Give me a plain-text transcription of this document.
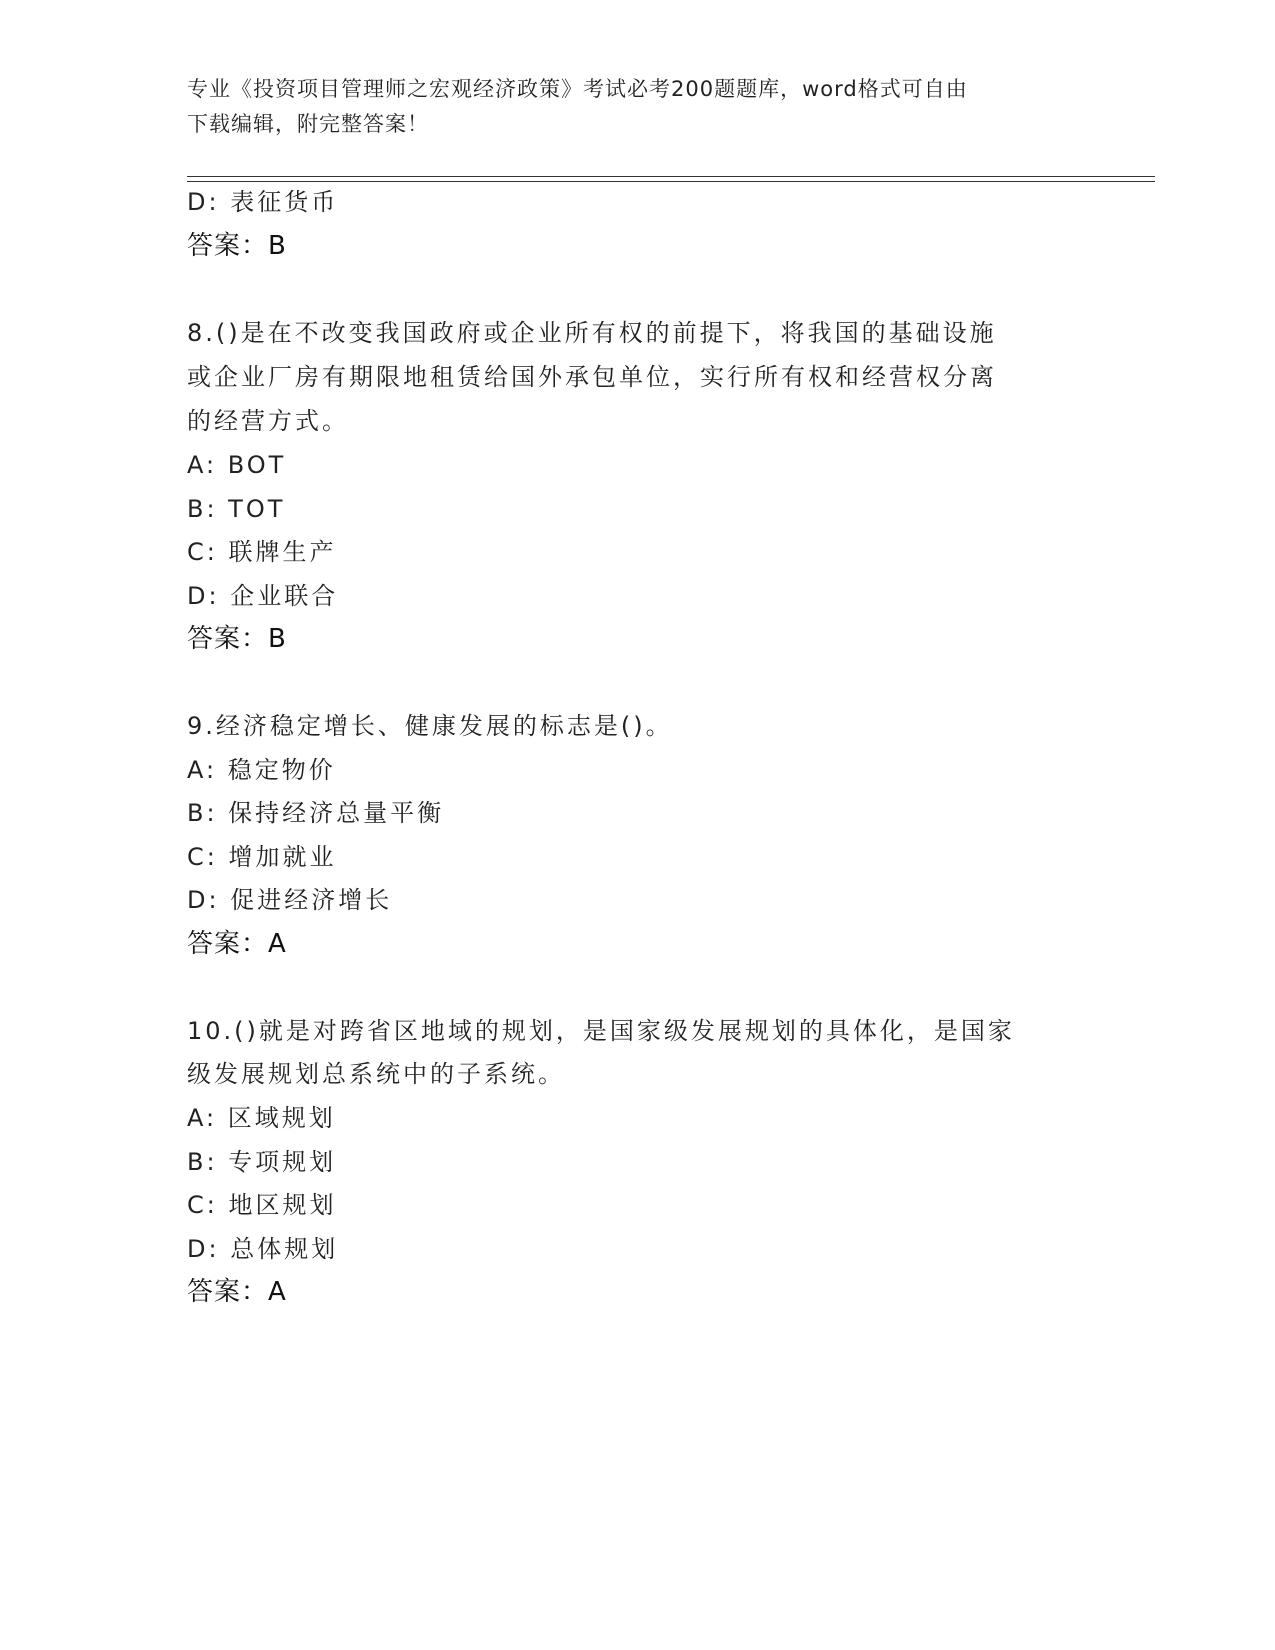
专业《投资项目管理师之宏观经济政策》考试必考200题题库，word格式可自由
下载编辑，附完整答案！
D: 表征货币
答案：B
8.()是在不改变我国政府或企业所有权的前提下，将我国的基础设施
或企业厂房有期限地租赁给国外承包单位，实行所有权和经营权分离
的经营方式。
A: BOT
B: TOT
C: 联牌生产
D: 企业联合
答案：B
9.经济稳定增长、健康发展的标志是()。
A: 稳定物价
B: 保持经济总量平衡
C: 增加就业
D: 促进经济增长
答案：A
10.()就是对跨省区地域的规划，是国家级发展规划的具体化，是国家
级发展规划总系统中的子系统。
A: 区域规划
B: 专项规划
C: 地区规划
D: 总体规划
答案：A
